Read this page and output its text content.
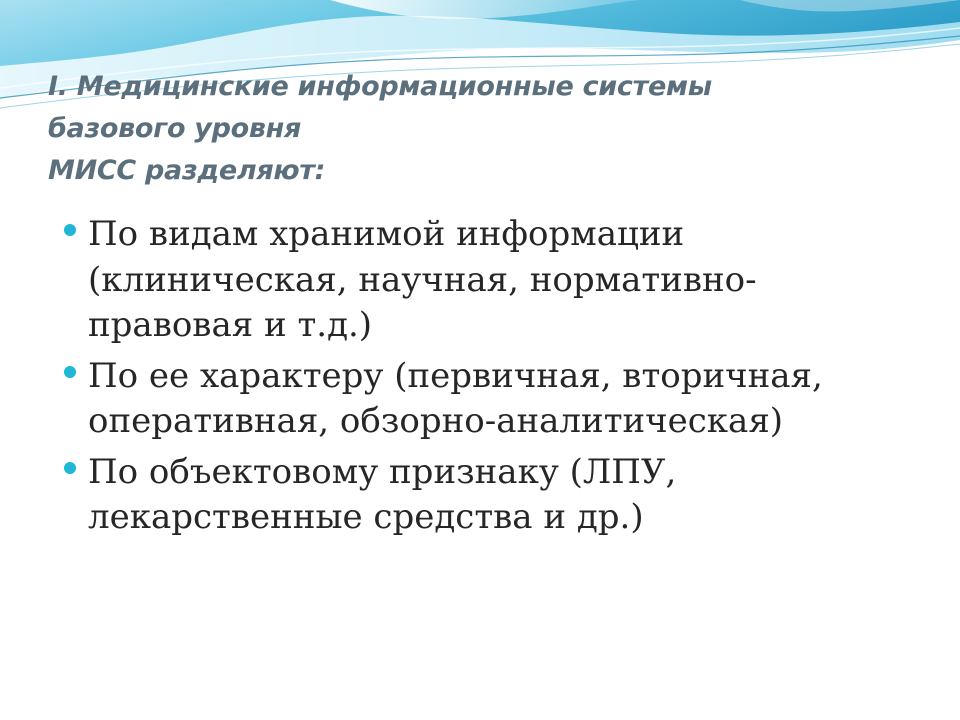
I. Медицинские информационные системы
базового уровня
МИСС разделяют:
По видам хранимой информации
(клиническая, научная, нормативно-
правовая и т.д.)
По ее характеру (первичная, вторичная,
оперативная, обзорно-аналитическая)
По объектовому признаку (ЛПУ,
лекарственные средства и др.)
